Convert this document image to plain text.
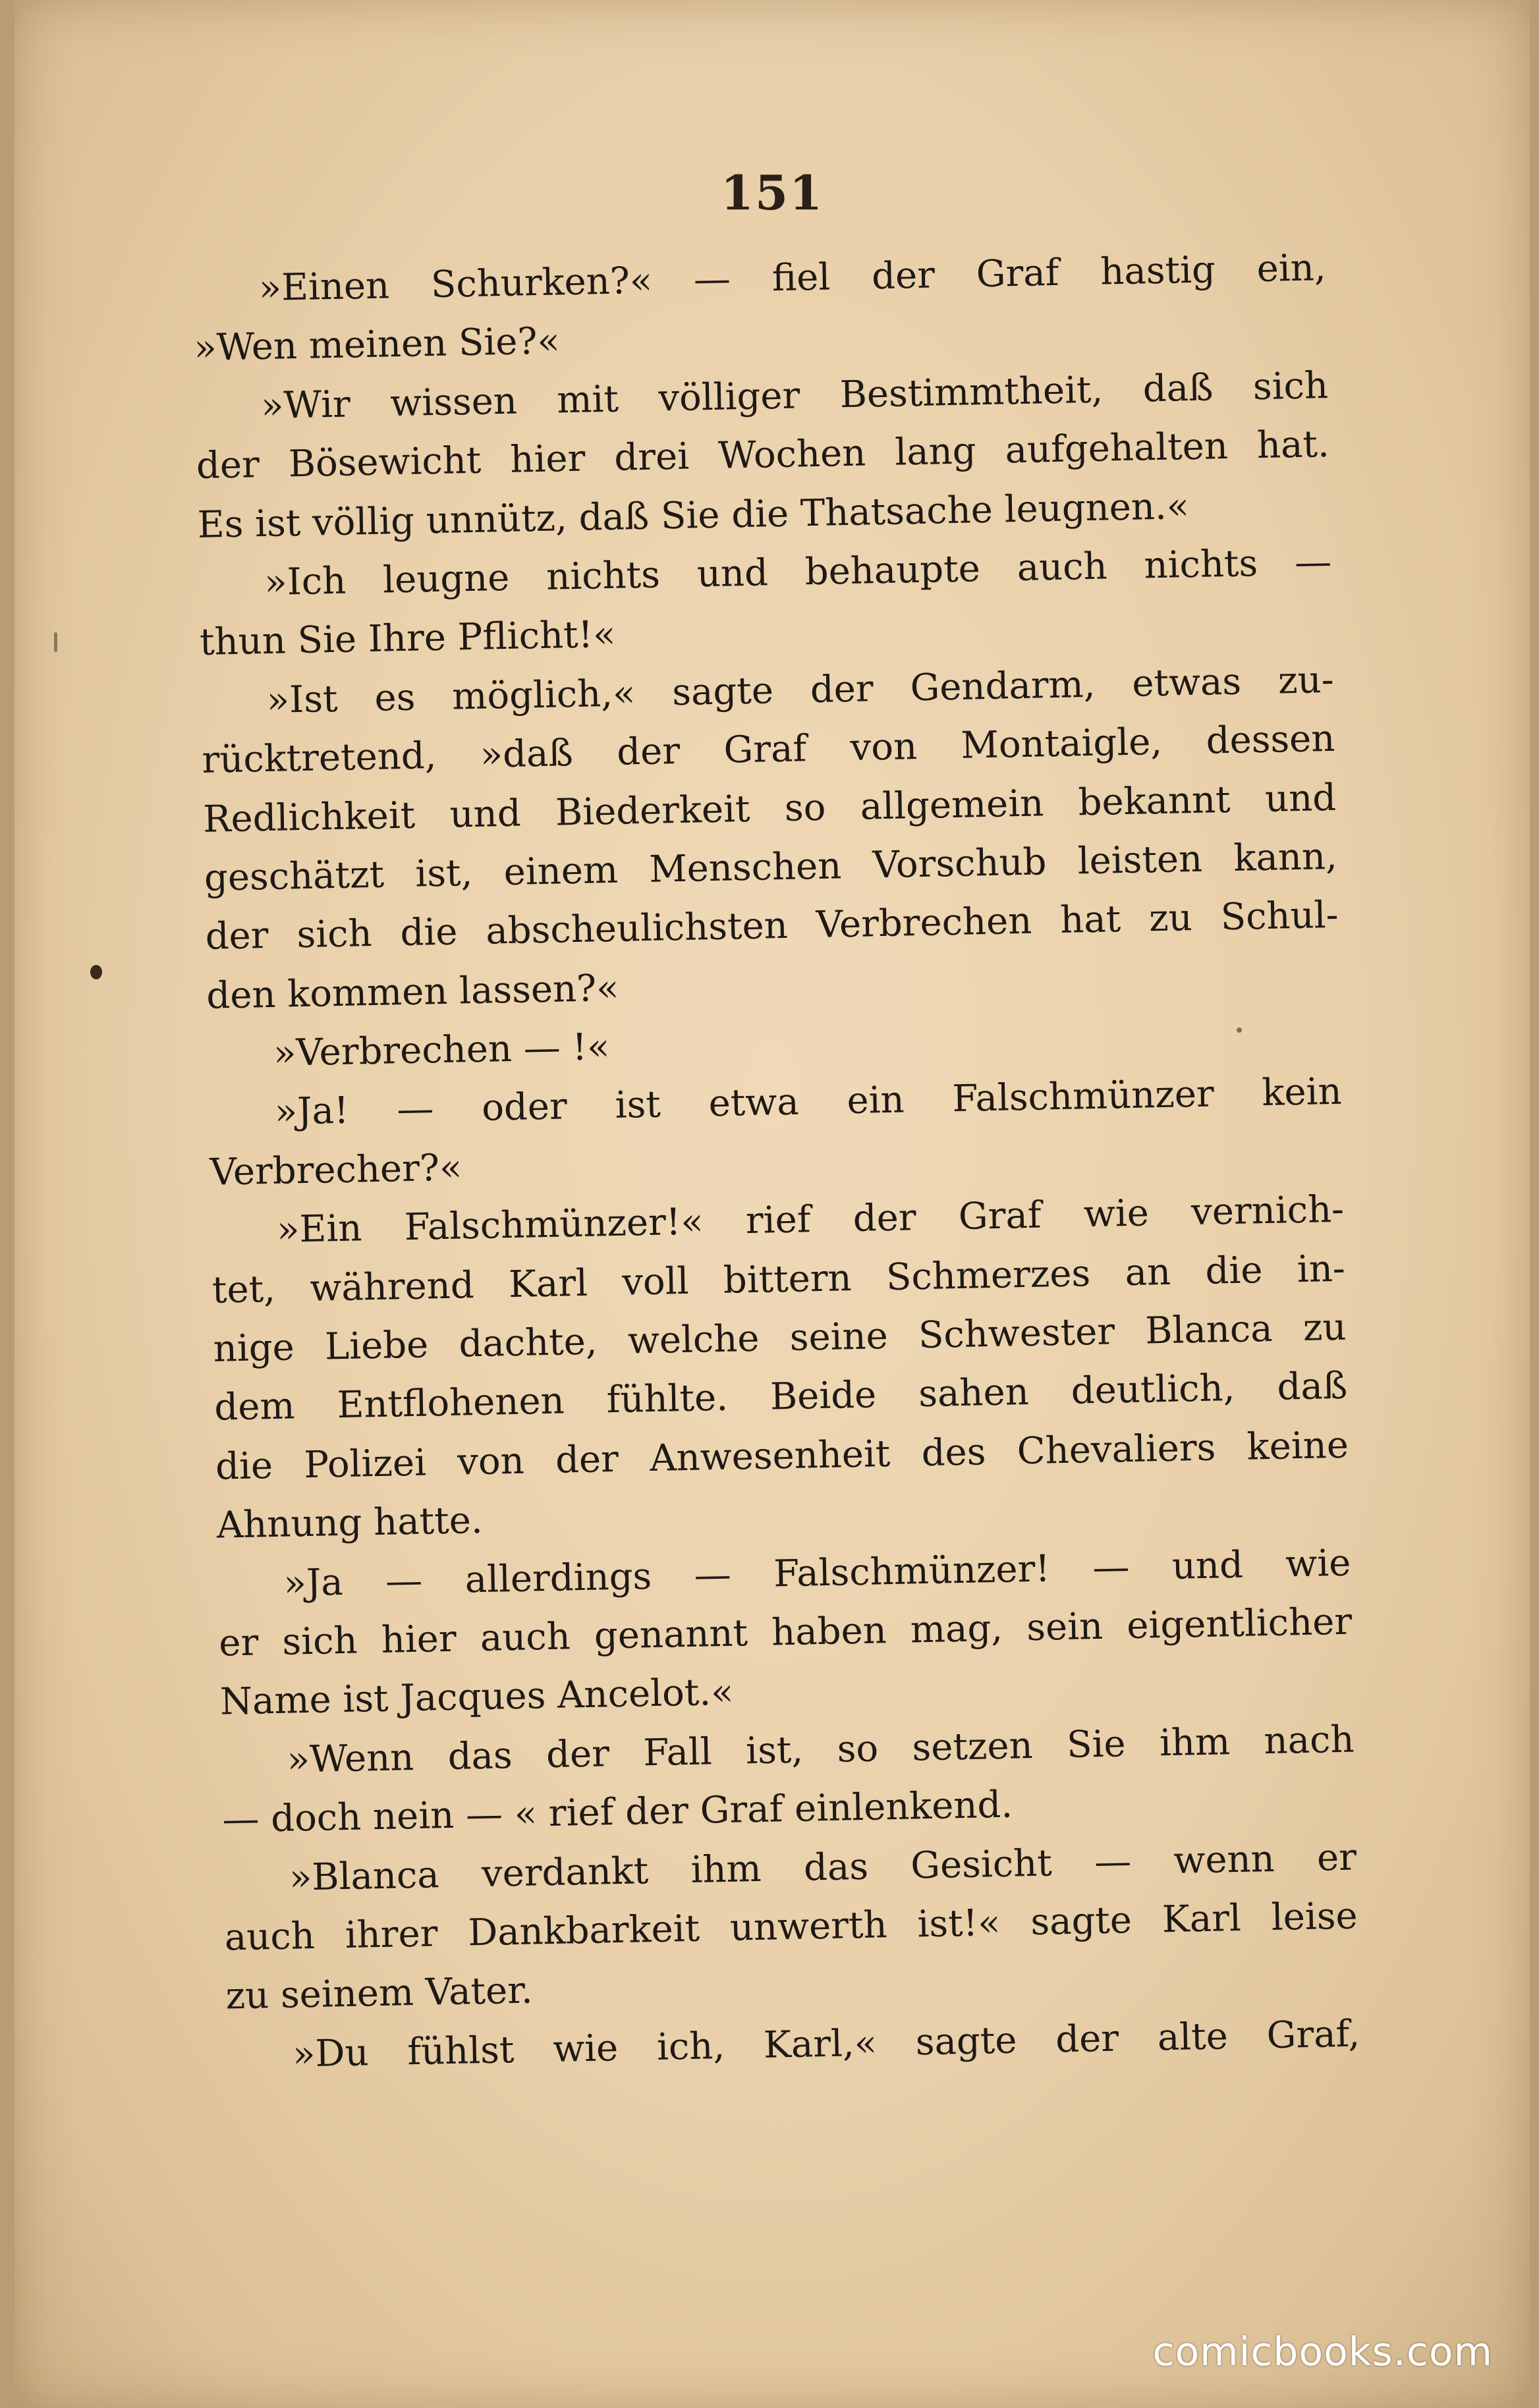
151
»Einen Schurken?« — fiel der Graf hastig ein,
»Wen meinen Sie?«
»Wir wissen mit völliger Bestimmtheit, daß sich
der Bösewicht hier drei Wochen lang aufgehalten hat.
Es ist völlig unnütz, daß Sie die Thatsache leugnen.«
»Ich leugne nichts und behaupte auch nichts —
thun Sie Ihre Pflicht!«
»Ist es möglich,« sagte der Gendarm, etwas zu-
rücktretend, »daß der Graf von Montaigle, dessen
Redlichkeit und Biederkeit so allgemein bekannt und
geschätzt ist, einem Menschen Vorschub leisten kann,
der sich die abscheulichsten Verbrechen hat zu Schul-
den kommen lassen?«
»Verbrechen — !«
»Ja! — oder ist etwa ein Falschmünzer kein
Verbrecher?«
»Ein Falschmünzer!« rief der Graf wie vernich-
tet, während Karl voll bittern Schmerzes an die in-
nige Liebe dachte, welche seine Schwester Blanca zu
dem Entflohenen fühlte. Beide sahen deutlich, daß
die Polizei von der Anwesenheit des Chevaliers keine
Ahnung hatte.
»Ja — allerdings — Falschmünzer! — und wie
er sich hier auch genannt haben mag, sein eigentlicher
Name ist Jacques Ancelot.«
»Wenn das der Fall ist, so setzen Sie ihm nach
— doch nein — « rief der Graf einlenkend.
»Blanca verdankt ihm das Gesicht — wenn er
auch ihrer Dankbarkeit unwerth ist!« sagte Karl leise
zu seinem Vater.
»Du fühlst wie ich, Karl,« sagte der alte Graf,
comicbooks.com
